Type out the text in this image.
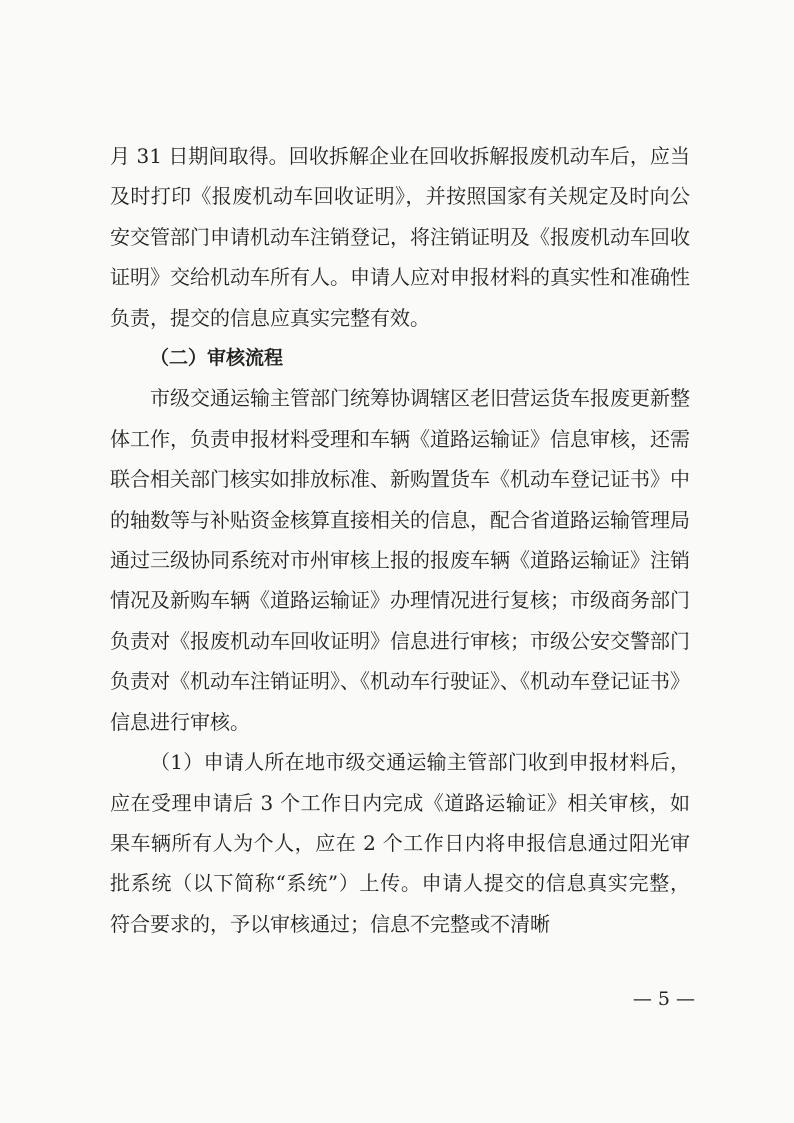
月 31 日期间取得。回收拆解企业在回收拆解报废机动车后，应当及时打印《报废机动车回收证明》，并按照国家有关规定及时向公安交管部门申请机动车注销登记，将注销证明及《报废机动车回收证明》交给机动车所有人。申请人应对申报材料的真实性和准确性负责，提交的信息应真实完整有效。

（二）审核流程

市级交通运输主管部门统筹协调辖区老旧营运货车报废更新整体工作，负责申报材料受理和车辆《道路运输证》信息审核，还需联合相关部门核实如排放标准、新购置货车《机动车登记证书》中的轴数等与补贴资金核算直接相关的信息，配合省道路运输管理局通过三级协同系统对市州审核上报的报废车辆《道路运输证》注销情况及新购车辆《道路运输证》办理情况进行复核；市级商务部门负责对《报废机动车回收证明》信息进行审核；市级公安交警部门负责对《机动车注销证明》、《机动车行驶证》、《机动车登记证书》信息进行审核。

（1）申请人所在地市级交通运输主管部门收到申报材料后，应在受理申请后 3 个工作日内完成《道路运输证》相关审核，如果车辆所有人为个人，应在 2 个工作日内将申报信息通过阳光审批系统（以下简称“系统”）上传。申请人提交的信息真实完整，符合要求的，予以审核通过；信息不完整或不清晰

— 5 —
